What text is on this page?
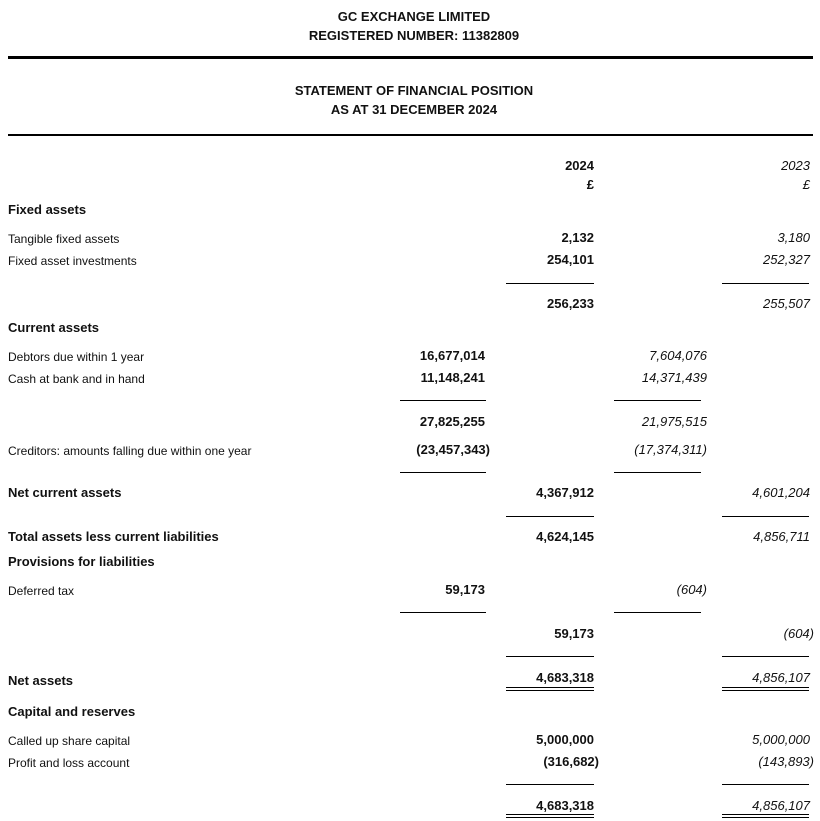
GC EXCHANGE LIMITED
REGISTERED NUMBER: 11382809
STATEMENT OF FINANCIAL POSITION
AS AT 31 DECEMBER 2024
2024
£
2023
£
Fixed assets
Tangible fixed assets	2,132	3,180
Fixed asset investments	254,101	252,327
256,233	255,507
Current assets
Debtors due within 1 year	16,677,014	7,604,076
Cash at bank and in hand	11,148,241	14,371,439
27,825,255	21,975,515
Creditors: amounts falling due within one year	(23,457,343)	(17,374,311)
Net current assets	4,367,912	4,601,204
Total assets less current liabilities	4,624,145	4,856,711
Provisions for liabilities
Deferred tax	59,173	(604)
59,173	(604)
Net assets	4,683,318	4,856,107
Capital and reserves
Called up share capital	5,000,000	5,000,000
Profit and loss account	(316,682)	(143,893)
4,683,318	4,856,107
